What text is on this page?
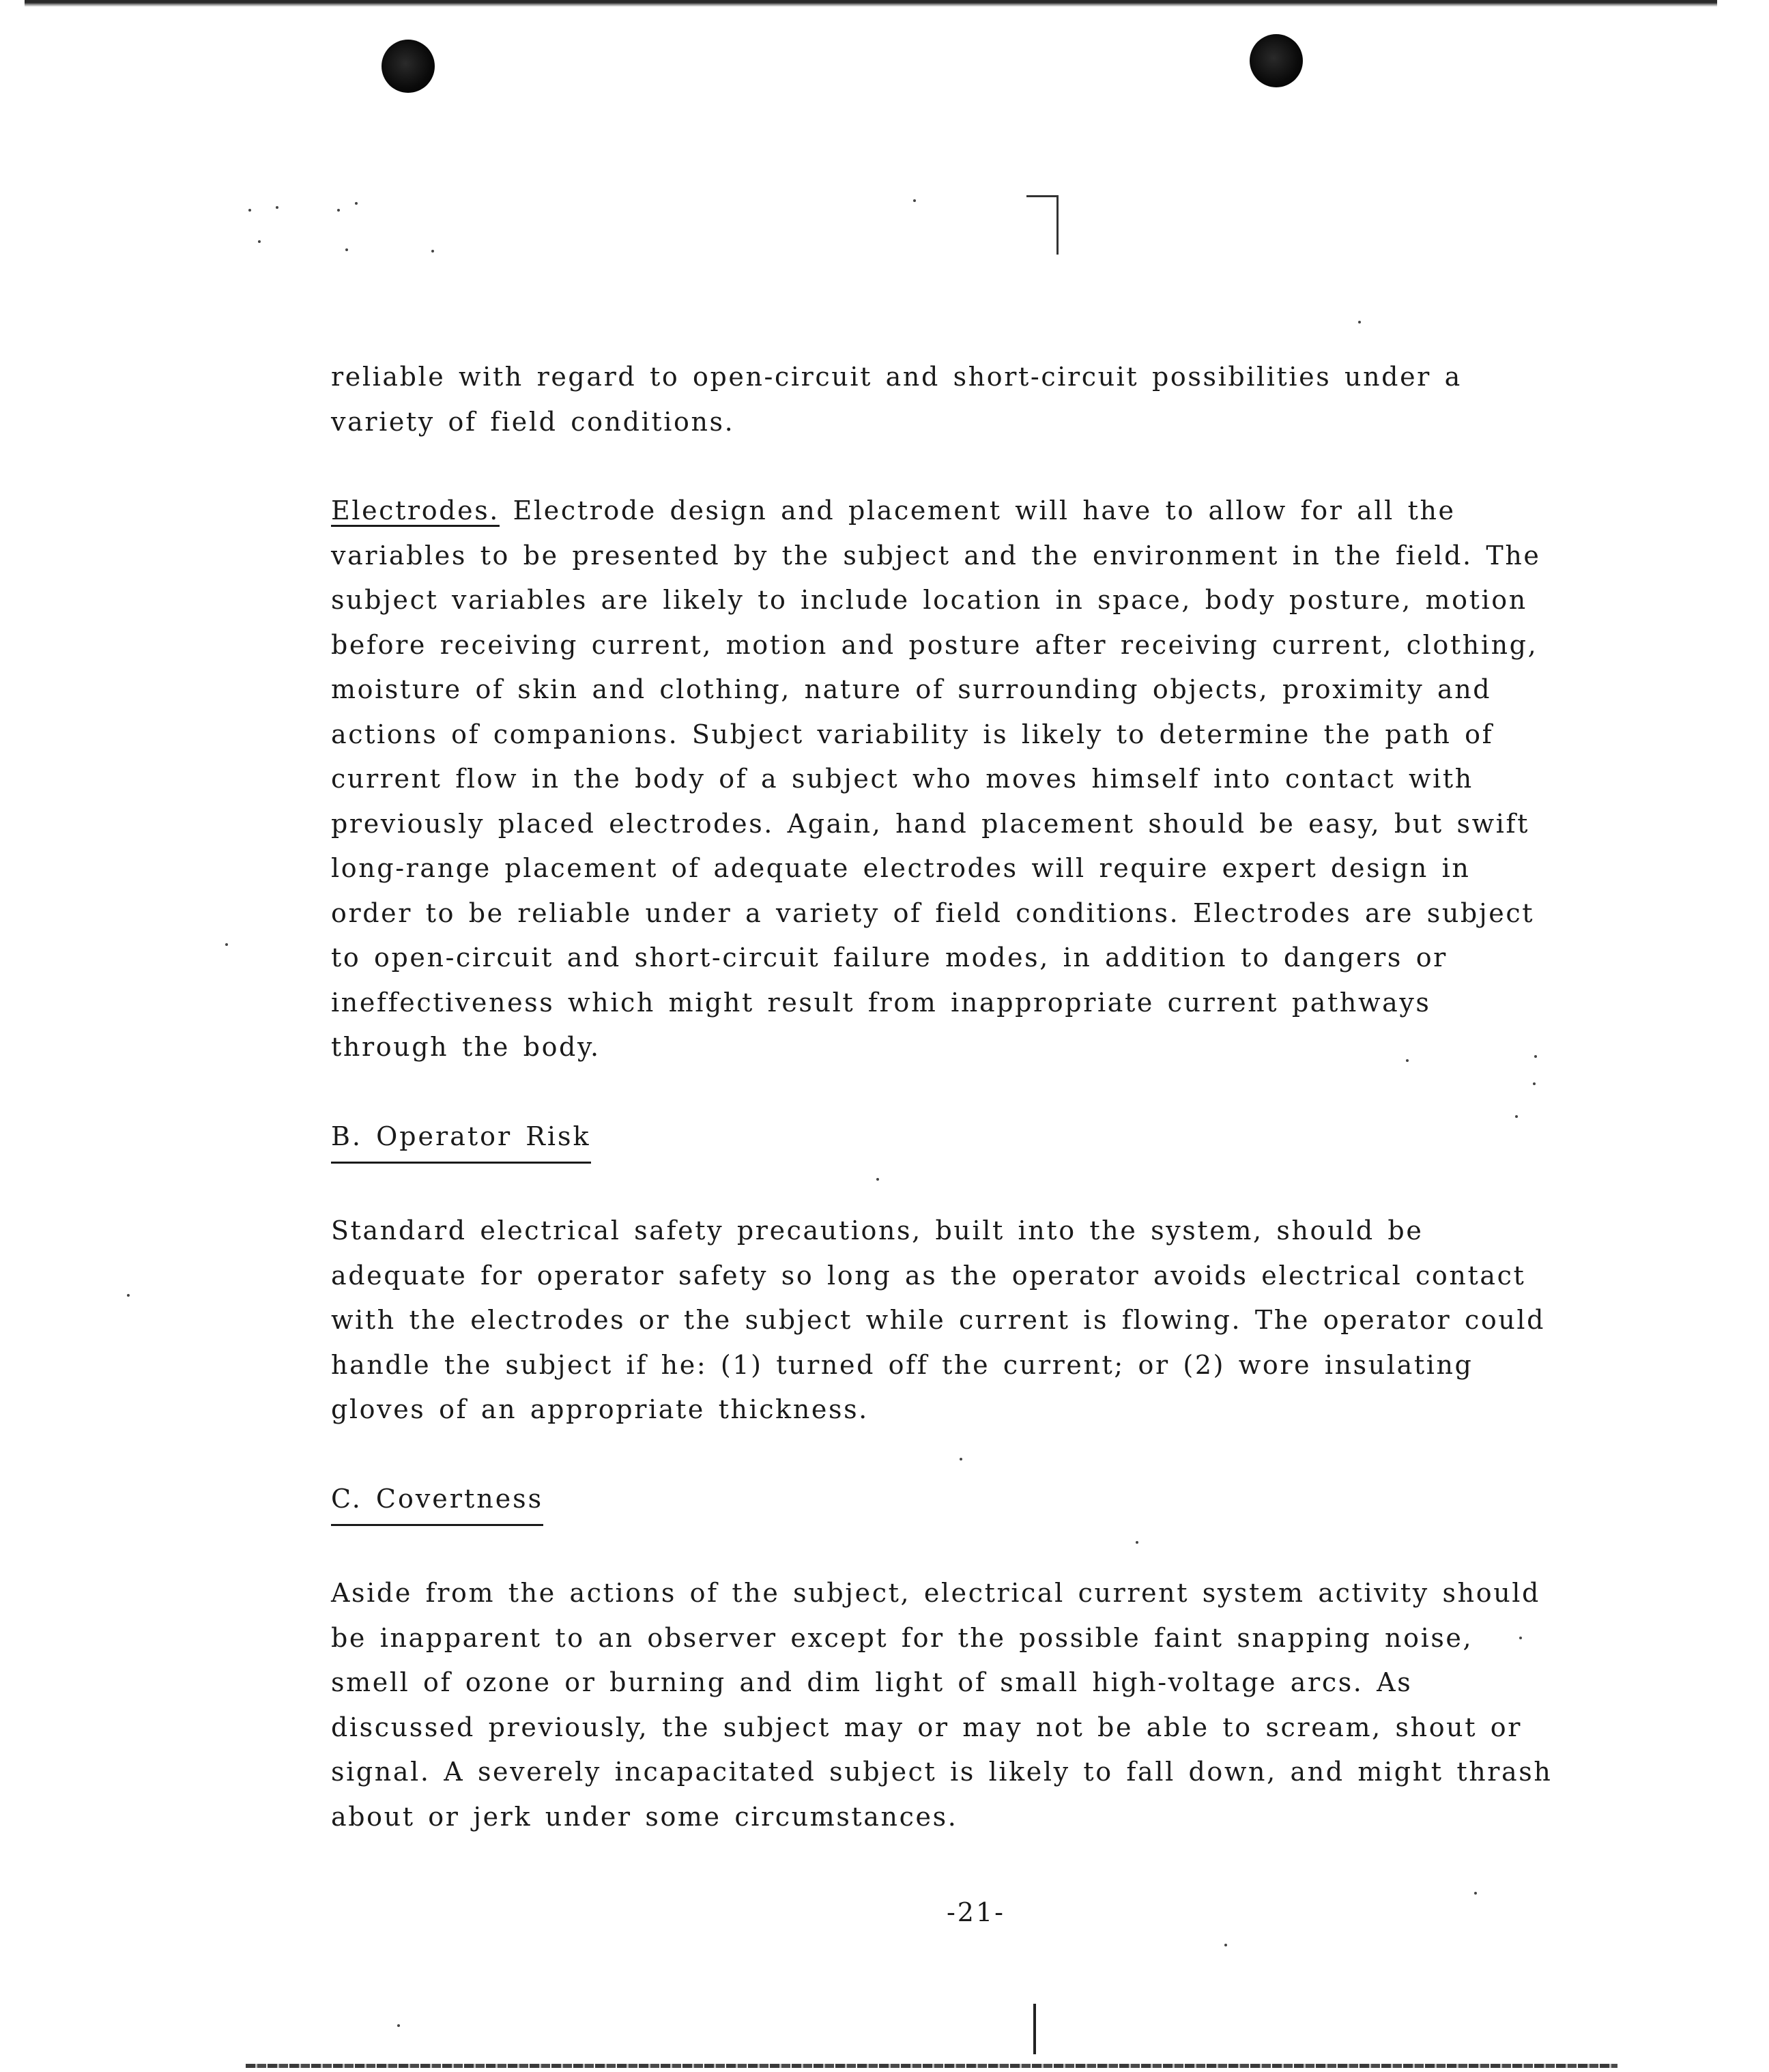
reliable with regard to open-circuit and short-circuit possibilities under a variety of field conditions.

Electrodes. Electrode design and placement will have to allow for all the variables to be presented by the subject and the environment in the field. The subject variables are likely to include location in space, body posture, motion before receiving current, motion and posture after receiving current, clothing, moisture of skin and clothing, nature of surrounding objects, proximity and actions of companions. Subject variability is likely to determine the path of current flow in the body of a subject who moves himself into contact with previously placed electrodes. Again, hand placement should be easy, but swift long-range placement of adequate electrodes will require expert design in order to be reliable under a variety of field conditions. Electrodes are subject to open-circuit and short-circuit failure modes, in addition to dangers or ineffectiveness which might result from inappropriate current pathways through the body.

B. Operator Risk

Standard electrical safety precautions, built into the system, should be adequate for operator safety so long as the operator avoids electrical contact with the electrodes or the subject while current is flowing. The operator could handle the subject if he: (1) turned off the current; or (2) wore insulating gloves of an appropriate thickness.

C. Covertness

Aside from the actions of the subject, electrical current system activity should be inapparent to an observer except for the possible faint snapping noise, smell of ozone or burning and dim light of small high-voltage arcs. As discussed previously, the subject may or may not be able to scream, shout or signal. A severely incapacitated subject is likely to fall down, and might thrash about or jerk under some circumstances.

-21-
